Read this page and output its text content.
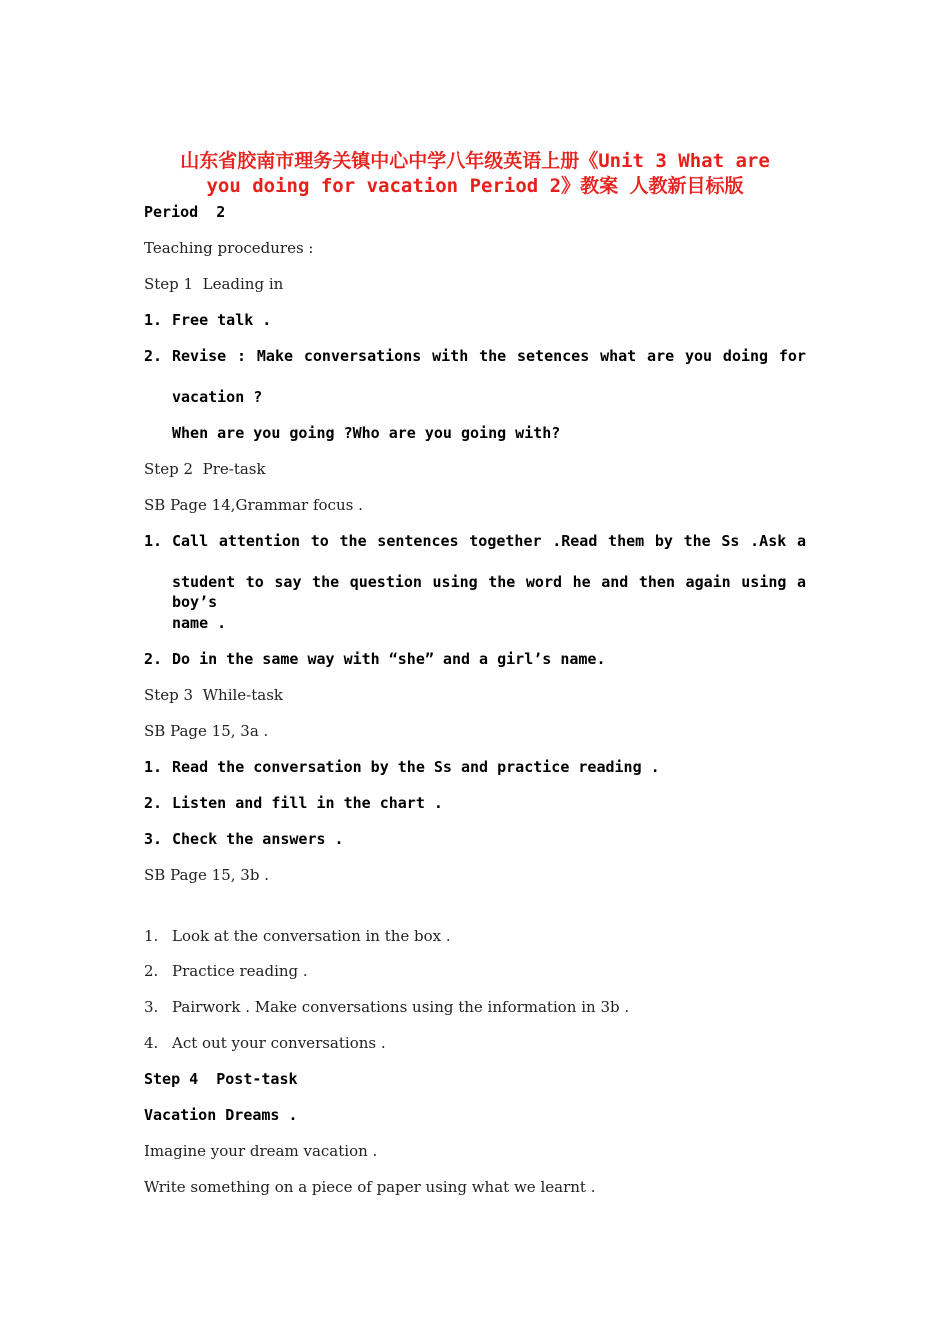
山东省胶南市理务关镇中心中学八年级英语上册《Unit 3 What are
you doing for vacation Period 2》教案 人教新目标版
Period  2
Teaching procedures :
Step 1  Leading in
1. Free talk .
2. Revise : Make conversations with the setences what are you doing for
vacation ?
When are you going ?Who are you going with?
Step 2  Pre-task
SB Page 14,Grammar focus .
1. Call attention to the sentences together .Read them by the Ss .Ask a
student to say the question using the word he and then again using a boy’s
name .
2. Do in the same way with “she” and a girl’s name.
Step 3  While-task
SB Page 15, 3a .
1. Read the conversation by the Ss and practice reading .
2. Listen and fill in the chart .
3. Check the answers .
SB Page 15, 3b .
1. Look at the conversation in the box .
2. Practice reading .
3. Pairwork . Make conversations using the information in 3b .
4. Act out your conversations .
Step 4  Post-task
Vacation Dreams .
Imagine your dream vacation .
Write something on a piece of paper using what we learnt .
